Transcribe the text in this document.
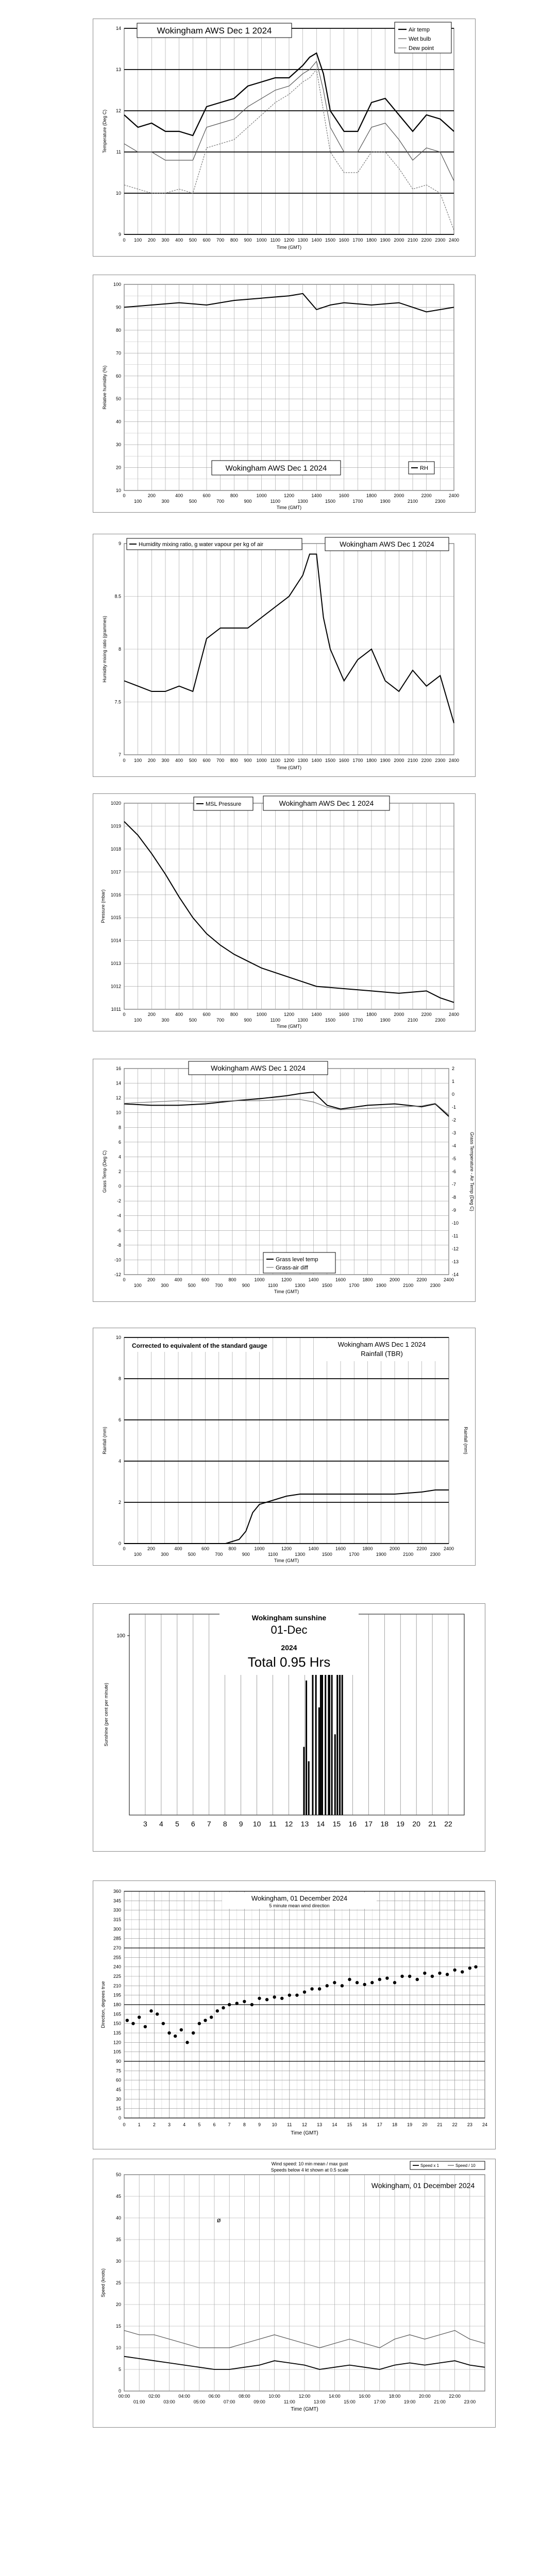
9
10
11
12
13
14
0 100 200 300 400 500 600 700 800 900 1000 1100 1200 1300 1400 1500 1600 1700 1800 1900 2000 2100 2200 2300 2400
Time (GMT)
Temperature (Deg C)
Wokingham AWS Dec 1 2024	Air temp
Wet bulb
Dew point
10
20
30
40
50
60
70
80
90
100
0	200	400	600	800	1000	1200	1400	1600	1800	2000	2200	2400
100	300	500	700	900	1100	1300	1500	1700	1900	2100	2300
Time (GMT)
Relative humidity (%)
Wokingham AWS Dec 1 2024	RH
7
7.5
8
8.5
9
0 100 200 300 400 500 600 700 800 900 1000 1100 1200 1300 1400 1500 1600 1700 1800 1900 2000 2100 2200 2300 2400
Time (GMT)
Humidity mixing ratio (grammes)
Humidity mixing ratio, g water vapour per kg of air	Wokingham AWS Dec 1 2024
1011
1012
1013
1014
1015
1016
1017
1018
1019
1020
0	200	400	600	800	1000	1200	1400	1600	1800	2000	2200	2400
100	300	500	700	900	1100	1300	1500	1700	1900	2100	2300
Time (GMT)
Pressure (mbar)
MSL Pressure	Wokingham AWS Dec 1 2024
16
14
12
10
8
6
4
2
0
-2
-4
-6
-8
-10
-12
2
1
0
-1
-2
-3
-4
-5
-6
-7
-8
-9
-10
-11
-12
-13
-14
0	200	400	600	800	1000	1200	1400	1600	1800	2000	2200	2400
100	300	500	700	900	1100	1300	1500	1700	1900	2100	2300
Time (GMT)
Grass Temp (Deg C)	Grass Temperature - Air Temp (Deg C)
Wokingham AWS Dec 1 2024
Grass level temp
Grass-air diff
0
2
4
6
8
10
0	200	400	600	800	1000	1200	1400	1600	1800	2000	2200	2400
100	300	500	700	900	1100	1300	1500	1700	1900	2100	2300
Time (GMT)
Rainfall (mm)	Rainfall (mm)
Corrected to equivalent of the standard gauge	Wokingham AWS Dec 1 2024
Rainfall (TBR)
100
Sunshine (per cent per minute)
3 4 5 6 7 8 9 10 11 12 13 14 15 16 17 18 19 20 21 22
Wokingham sunshine
01-Dec
2024
Total 0.95 Hrs
0
15
30
45
60
75
90
105
120
135
150
165
180
195
210
225
240
255
270
285
300
315
330
345
360
0	1	2	3	4	5	6	7	8	9 10 11 12 13 14 15 16 17 18 19 20 21 22 23 24
Time (GMT)
Direction, degrees true
Wokingham, 01 December 2024
5 minute mean wind direction
0
5
10
15
20
25
30
35
40
45
50
00:00	02:00	04:00	06:00	08:00	10:00	12:00	14:00	16:00	18:00	20:00	22:00
01:00	03:00	05:00	07:00	09:00	11:00	13:00	15:00	17:00	19:00	21:00	23:00
Time (GMT)
Speed (knots)
ø
Wind speed: 10 min mean / max gust
Speeds below 4 kt shown at 0.5 scale
Speed x 1	Speed / 10
Wokingham, 01 December 2024
